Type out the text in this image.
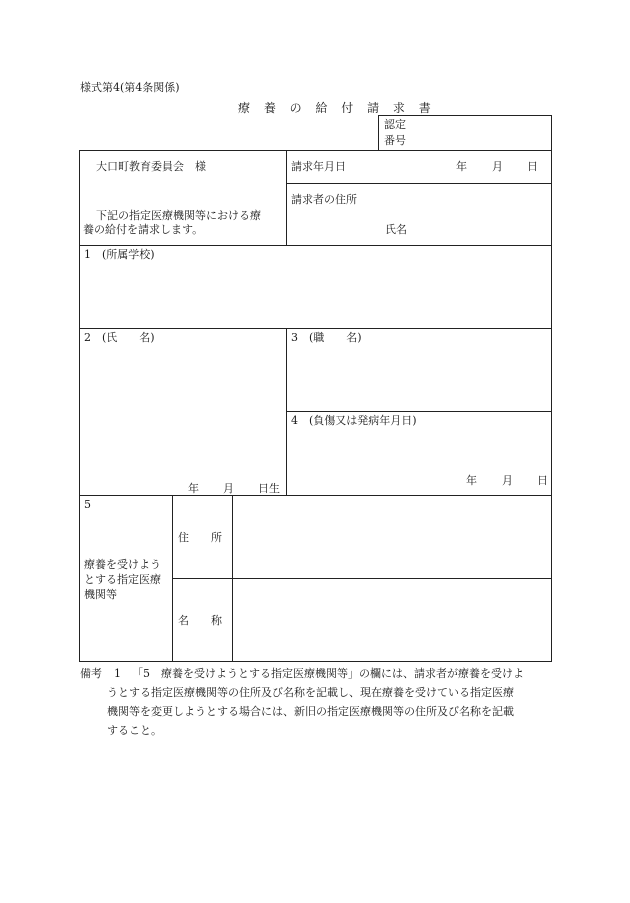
様式第4(第4条関係)
療 養 の 給 付 請 求 書
認定
番号
大口町教育委員会　様
下記の指定医療機関等における療
養の給付を請求します。
請求年月日	年 月 日
請求者の住所
氏名
1　(所属学校)
2　(氏　　名)
年 月 日生
3　(職　　名)
4　(負傷又は発病年月日)
年 月 日
5
療養を受けよう
とする指定医療
機関等
住　　所
名　　称
備考 1 「5　療養を受けようとする指定医療機関等」の欄には、請求者が療養を受けよ
うとする指定医療機関等の住所及び名称を記載し、現在療養を受けている指定医療
機関等を変更しようとする場合には、新旧の指定医療機関等の住所及び名称を記載
すること。
